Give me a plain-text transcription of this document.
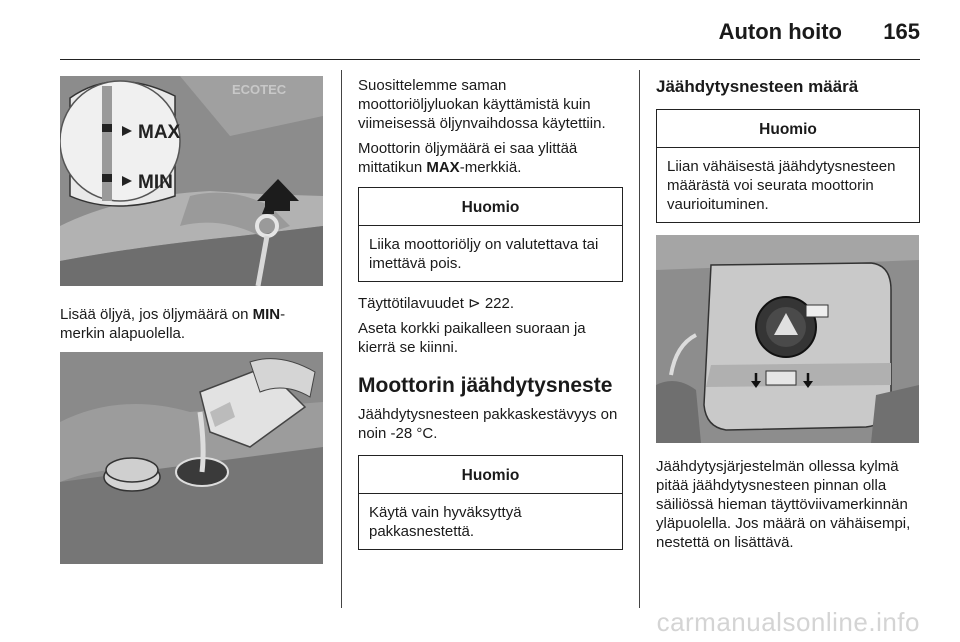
Auton hoito 165
ECOTEC
MAX
MIN

Lisää öljyä, jos öljymäärä on MIN-merkin alapuolella.

Suosittelemme saman moottoriöljyluokan käyttämistä kuin viimeisessä öljynvaihdossa käytettiin.

Moottorin öljymäärä ei saa ylittää mittatikun MAX-merkkiä.

Huomio
Liika moottoriöljy on valutettava tai imettävä pois.

Täyttötilavuudet ⊳ 222.

Aseta korkki paikalleen suoraan ja kierrä se kiinni.

Moottorin jäähdytysneste

Jäähdytysnesteen pakkaskestävyys on noin -28 °C.

Huomio
Käytä vain hyväksyttyä pakkasnestettä.
Jäähdytysnesteen määrä
Huomio
Liian vähäisestä jäähdytysnesteen määrästä voi seurata moottorin vaurioituminen.

Jäähdytysjärjestelmän ollessa kylmä pitää jäähdytysnesteen pinnan olla säiliössä hieman täyttöviivamerkinnän yläpuolella. Jos määrä on vähäisempi, nestettä on lisättävä.

carmanualsonline.info
